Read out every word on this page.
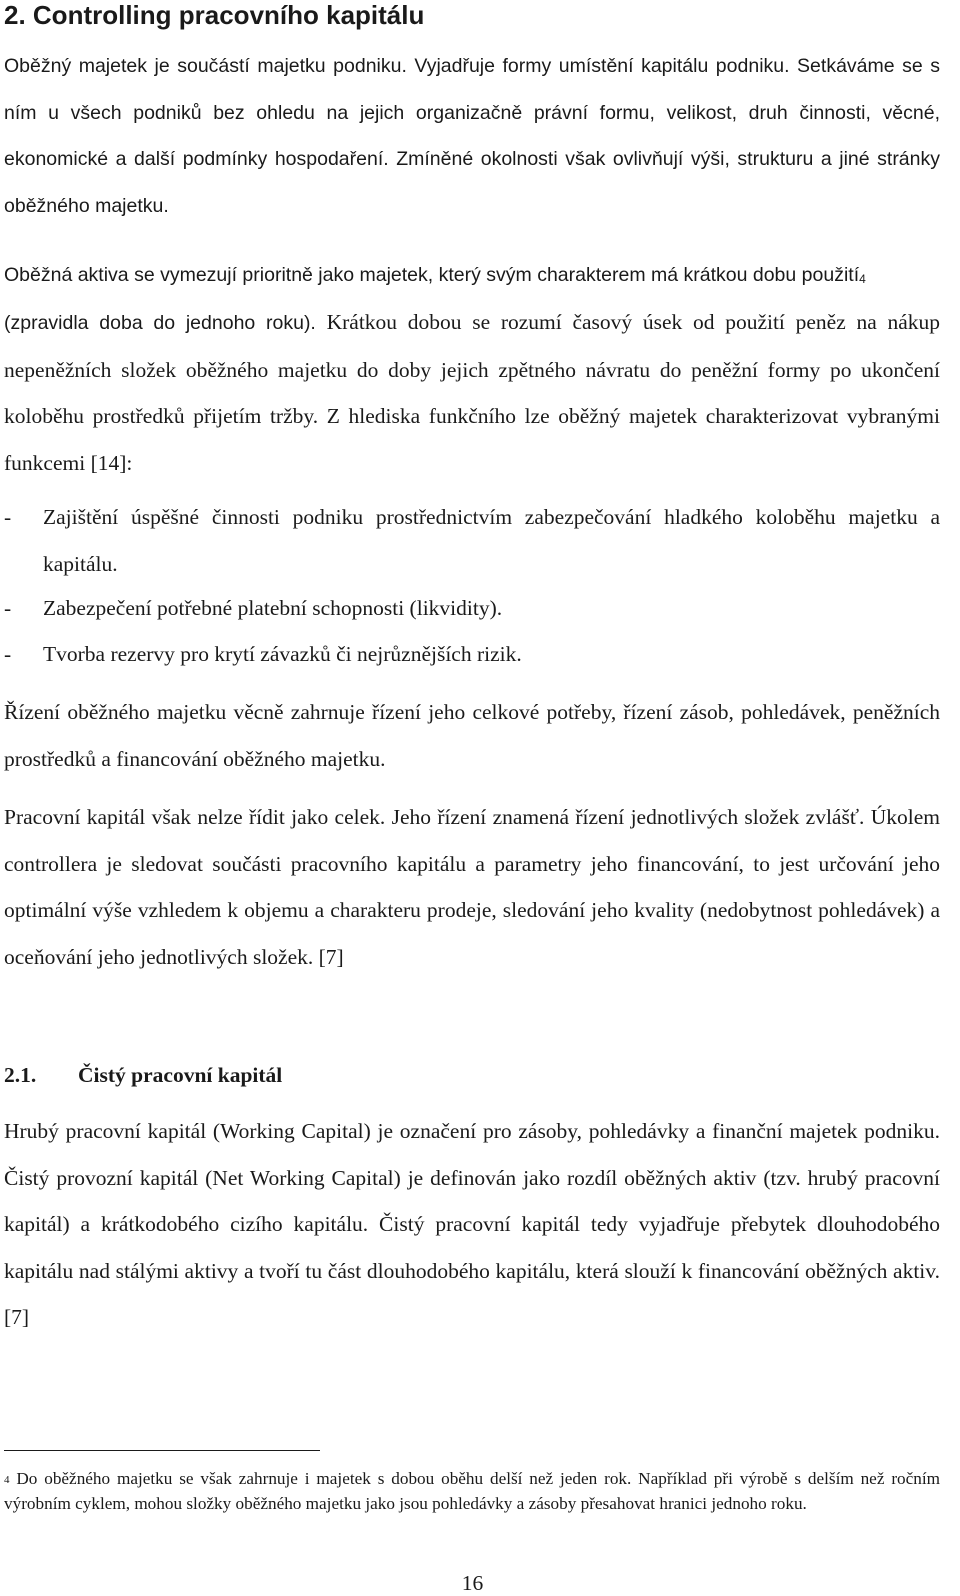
2. Controlling pracovního kapitálu

Oběžný majetek je součástí majetku podniku. Vyjadřuje formy umístění kapitálu podniku. Setkáváme se s ním u všech podniků bez ohledu na jejich organizačně právní formu, velikost, druh činnosti, věcné, ekonomické a další podmínky hospodaření. Zmíněné okolnosti však ovlivňují výši, strukturu a jiné stránky oběžného majetku.

Oběžná aktiva se vymezují prioritně jako majetek, který svým charakterem má krátkou dobu použití$^4$

(zpravidla doba do jednoho roku). Krátkou dobou se rozumí časový úsek od použití peněz na nákup nepeněžních složek oběžného majetku do doby jejich zpětného návratu do peněžní formy po ukončení koloběhu prostředků přijetím tržby. Z hlediska funkčního lze oběžný majetek charakterizovat vybranými funkcemi [14]:

- Zajištění úspěšné činnosti podniku prostřednictvím zabezpečování hladkého koloběhu majetku a kapitálu.
- Zabezpečení potřebné platební schopnosti (likvidity).
- Tvorba rezervy pro krytí závazků či nejrůznějších rizik.

Řízení oběžného majetku věcně zahrnuje řízení jeho celkové potřeby, řízení zásob, pohledávek, peněžních prostředků a financování oběžného majetku.

Pracovní kapitál však nelze řídit jako celek. Jeho řízení znamená řízení jednotlivých složek zvlášť. Úkolem controllera je sledovat součásti pracovního kapitálu a parametry jeho financování, to jest určování jeho optimální výše vzhledem k objemu a charakteru prodeje, sledování jeho kvality (nedobytnost pohledávek) a oceňování jeho jednotlivých složek. [7]

2.1. Čistý pracovní kapitál

Hrubý pracovní kapitál (Working Capital) je označení pro zásoby, pohledávky a finanční majetek podniku. Čistý provozní kapitál (Net Working Capital) je definován jako rozdíl oběžných aktiv (tzv. hrubý pracovní kapitál) a krátkodobého cizího kapitálu. Čistý pracovní kapitál tedy vyjadřuje přebytek dlouhodobého kapitálu nad stálými aktivy a tvoří tu část dlouhodobého kapitálu, která slouží k financování oběžných aktiv.[7]

$^4$ Do oběžného majetku se však zahrnuje i majetek s dobou oběhu delší než jeden rok. Například při výrobě s delším než ročním výrobním cyklem, mohou složky oběžného majetku jako jsou pohledávky a zásoby přesahovat hranici jednoho roku.

16
